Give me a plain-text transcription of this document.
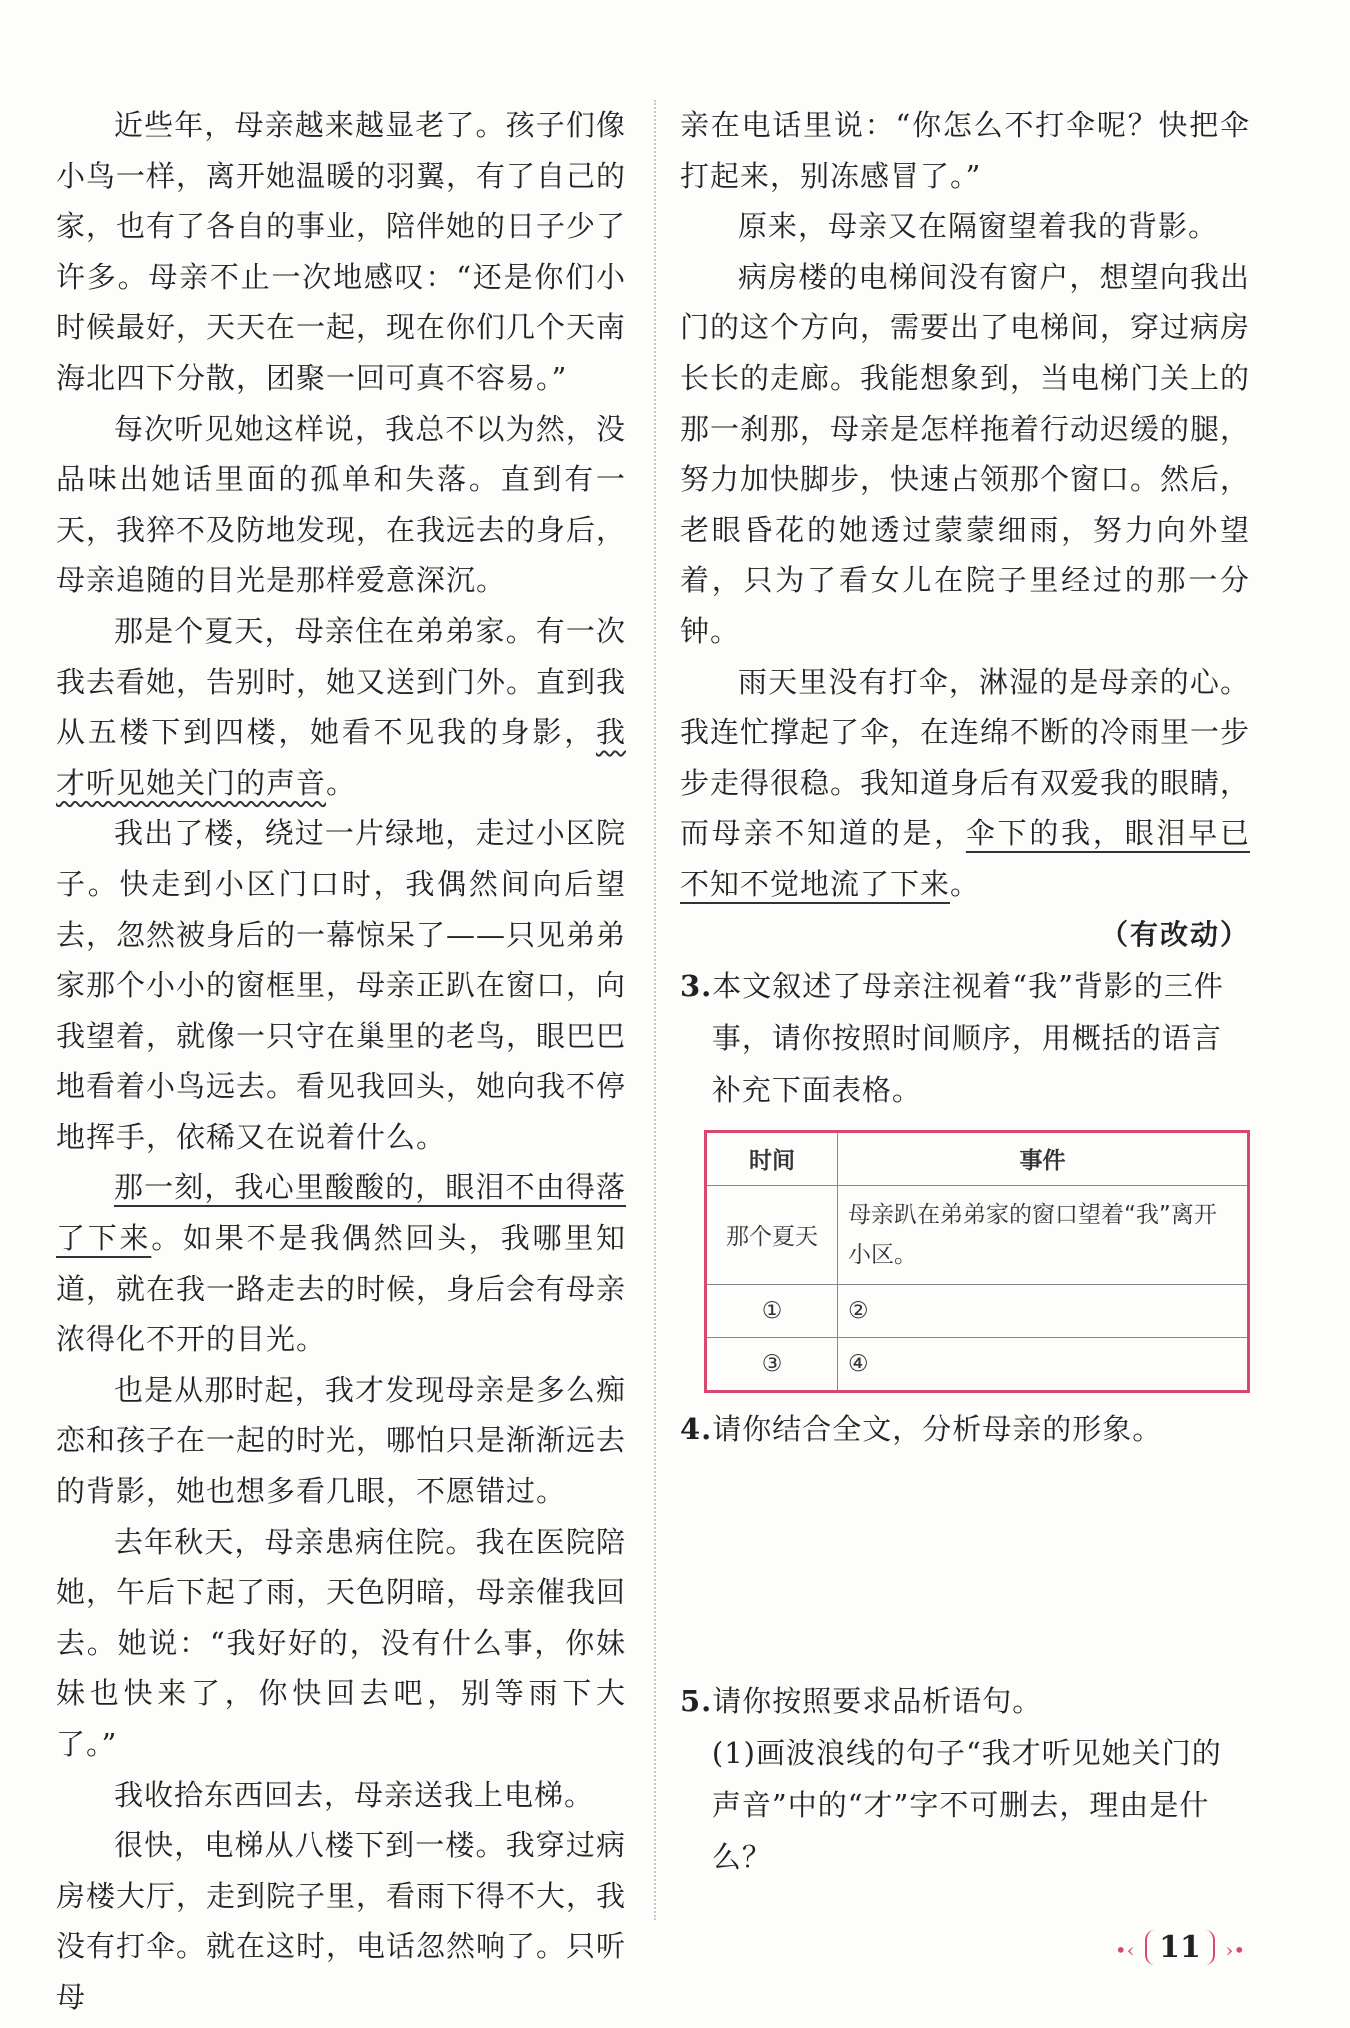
近些年，母亲越来越显老了。孩子们像小鸟一样，离开她温暖的羽翼，有了自己的家，也有了各自的事业，陪伴她的日子少了许多。母亲不止一次地感叹：“还是你们小时候最好，天天在一起，现在你们几个天南海北四下分散，团聚一回可真不容易。”

每次听见她这样说，我总不以为然，没品味出她话里面的孤单和失落。直到有一天，我猝不及防地发现，在我远去的身后，母亲追随的目光是那样爱意深沉。

那是个夏天，母亲住在弟弟家。有一次我去看她，告别时，她又送到门外。直到我从五楼下到四楼，她看不见我的身影，我才听见她关门的声音。

我出了楼，绕过一片绿地，走过小区院子。快走到小区门口时，我偶然间向后望去，忽然被身后的一幕惊呆了——只见弟弟家那个小小的窗框里，母亲正趴在窗口，向我望着，就像一只守在巢里的老鸟，眼巴巴地看着小鸟远去。看见我回头，她向我不停地挥手，依稀又在说着什么。

那一刻，我心里酸酸的，眼泪不由得落了下来。如果不是我偶然回头，我哪里知道，就在我一路走去的时候，身后会有母亲浓得化不开的目光。

也是从那时起，我才发现母亲是多么痴恋和孩子在一起的时光，哪怕只是渐渐远去的背影，她也想多看几眼，不愿错过。

去年秋天，母亲患病住院。我在医院陪她，午后下起了雨，天色阴暗，母亲催我回去。她说：“我好好的，没有什么事，你妹妹也快来了，你快回去吧，别等雨下大了。”

我收拾东西回去，母亲送我上电梯。

很快，电梯从八楼下到一楼。我穿过病房楼大厅，走到院子里，看雨下得不大，我没有打伞。就在这时，电话忽然响了。只听母

亲在电话里说：“你怎么不打伞呢？快把伞打起来，别冻感冒了。”

原来，母亲又在隔窗望着我的背影。

病房楼的电梯间没有窗户，想望向我出门的这个方向，需要出了电梯间，穿过病房长长的走廊。我能想象到，当电梯门关上的那一刹那，母亲是怎样拖着行动迟缓的腿，努力加快脚步，快速占领那个窗口。然后，老眼昏花的她透过蒙蒙细雨，努力向外望着，只为了看女儿在院子里经过的那一分钟。

雨天里没有打伞，淋湿的是母亲的心。我连忙撑起了伞，在连绵不断的冷雨里一步步走得很稳。我知道身后有双爱我的眼睛，而母亲不知道的是，伞下的我，眼泪早已不知不觉地流了下来。

（有改动）

3.本文叙述了母亲注视着“我”背影的三件事，请你按照时间顺序，用概括的语言补充下面表格。

时间	事件
那个夏天	母亲趴在弟弟家的窗口望着“我”离开小区。
①	②
③	④

4.请你结合全文，分析母亲的形象。

5.请你按照要求品析语句。

(1)画波浪线的句子“我才听见她关门的声音”中的“才”字不可删去，理由是什么？

•‹ 11 ›•
